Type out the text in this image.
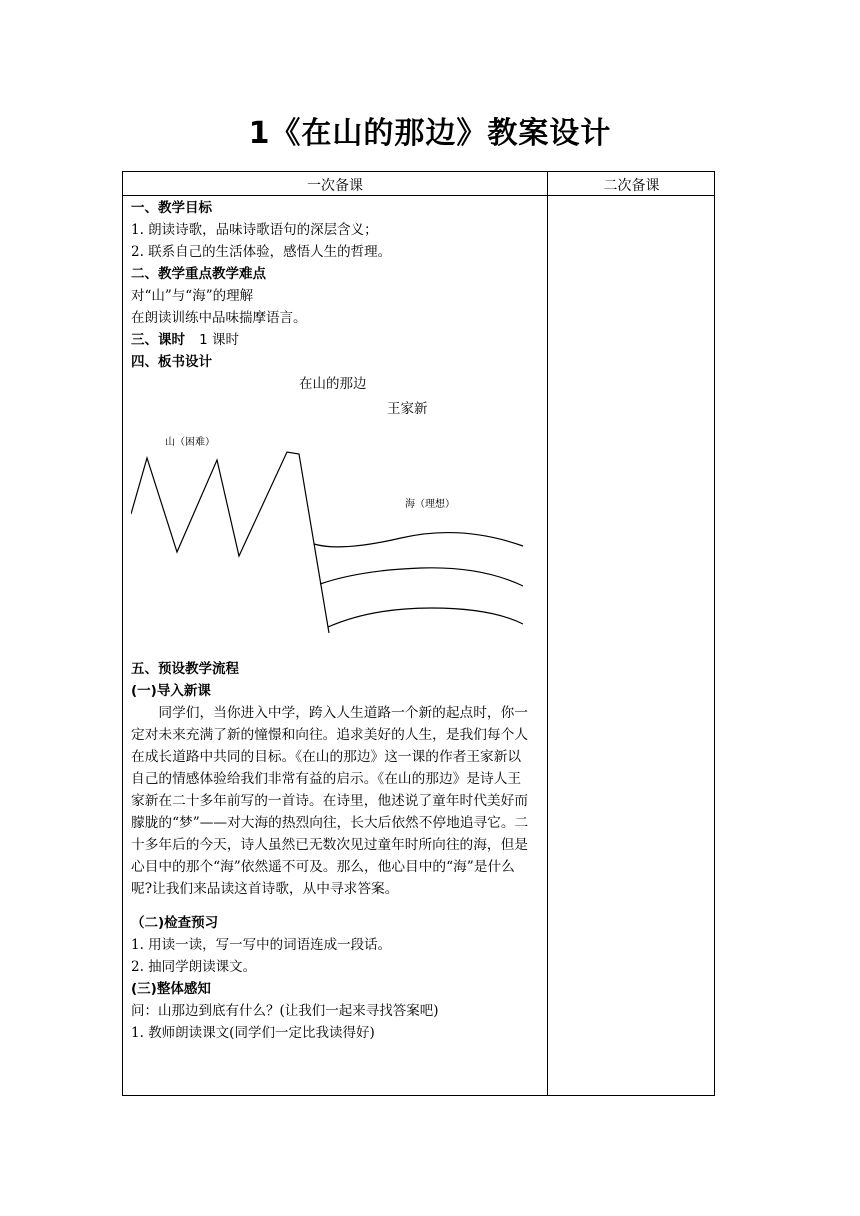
1《在山的那边》教案设计
一次备课	二次备课
一、教学目标

1. 朗读诗歌，品味诗歌语句的深层含义；

2. 联系自己的生活体验，感悟人生的哲理。

二、教学重点教学难点

对“山”与“海”的理解

在朗读训练中品味揣摩语言。

三、课时 1 课时
四、板书设计

在山的那边

王家新

山（困难）
海（理想）
五、预设教学流程
(一)导入新课

同学们，当你进入中学，跨入人生道路一个新的起点时，你一定对未来充满了新的憧憬和向往。追求美好的人生，是我们每个人在成长道路中共同的目标。《在山的那边》这一课的作者王家新以自己的情感体验给我们非常有益的启示。《在山的那边》是诗人王家新在二十多年前写的一首诗。在诗里，他述说了童年时代美好而朦胧的“梦”——对大海的热烈向往，长大后依然不停地追寻它。二十多年后的今天，诗人虽然已无数次见过童年时所向往的海，但是心目中的那个“海”依然遥不可及。那么，他心目中的“海”是什么呢?让我们来品读这首诗歌，从中寻求答案。

（二)检查预习

1. 用读一读，写一写中的词语连成一段话。

2. 抽同学朗读课文。

(三)整体感知

问：山那边到底有什么？(让我们一起来寻找答案吧)

1. 教师朗读课文(同学们一定比我读得好)
